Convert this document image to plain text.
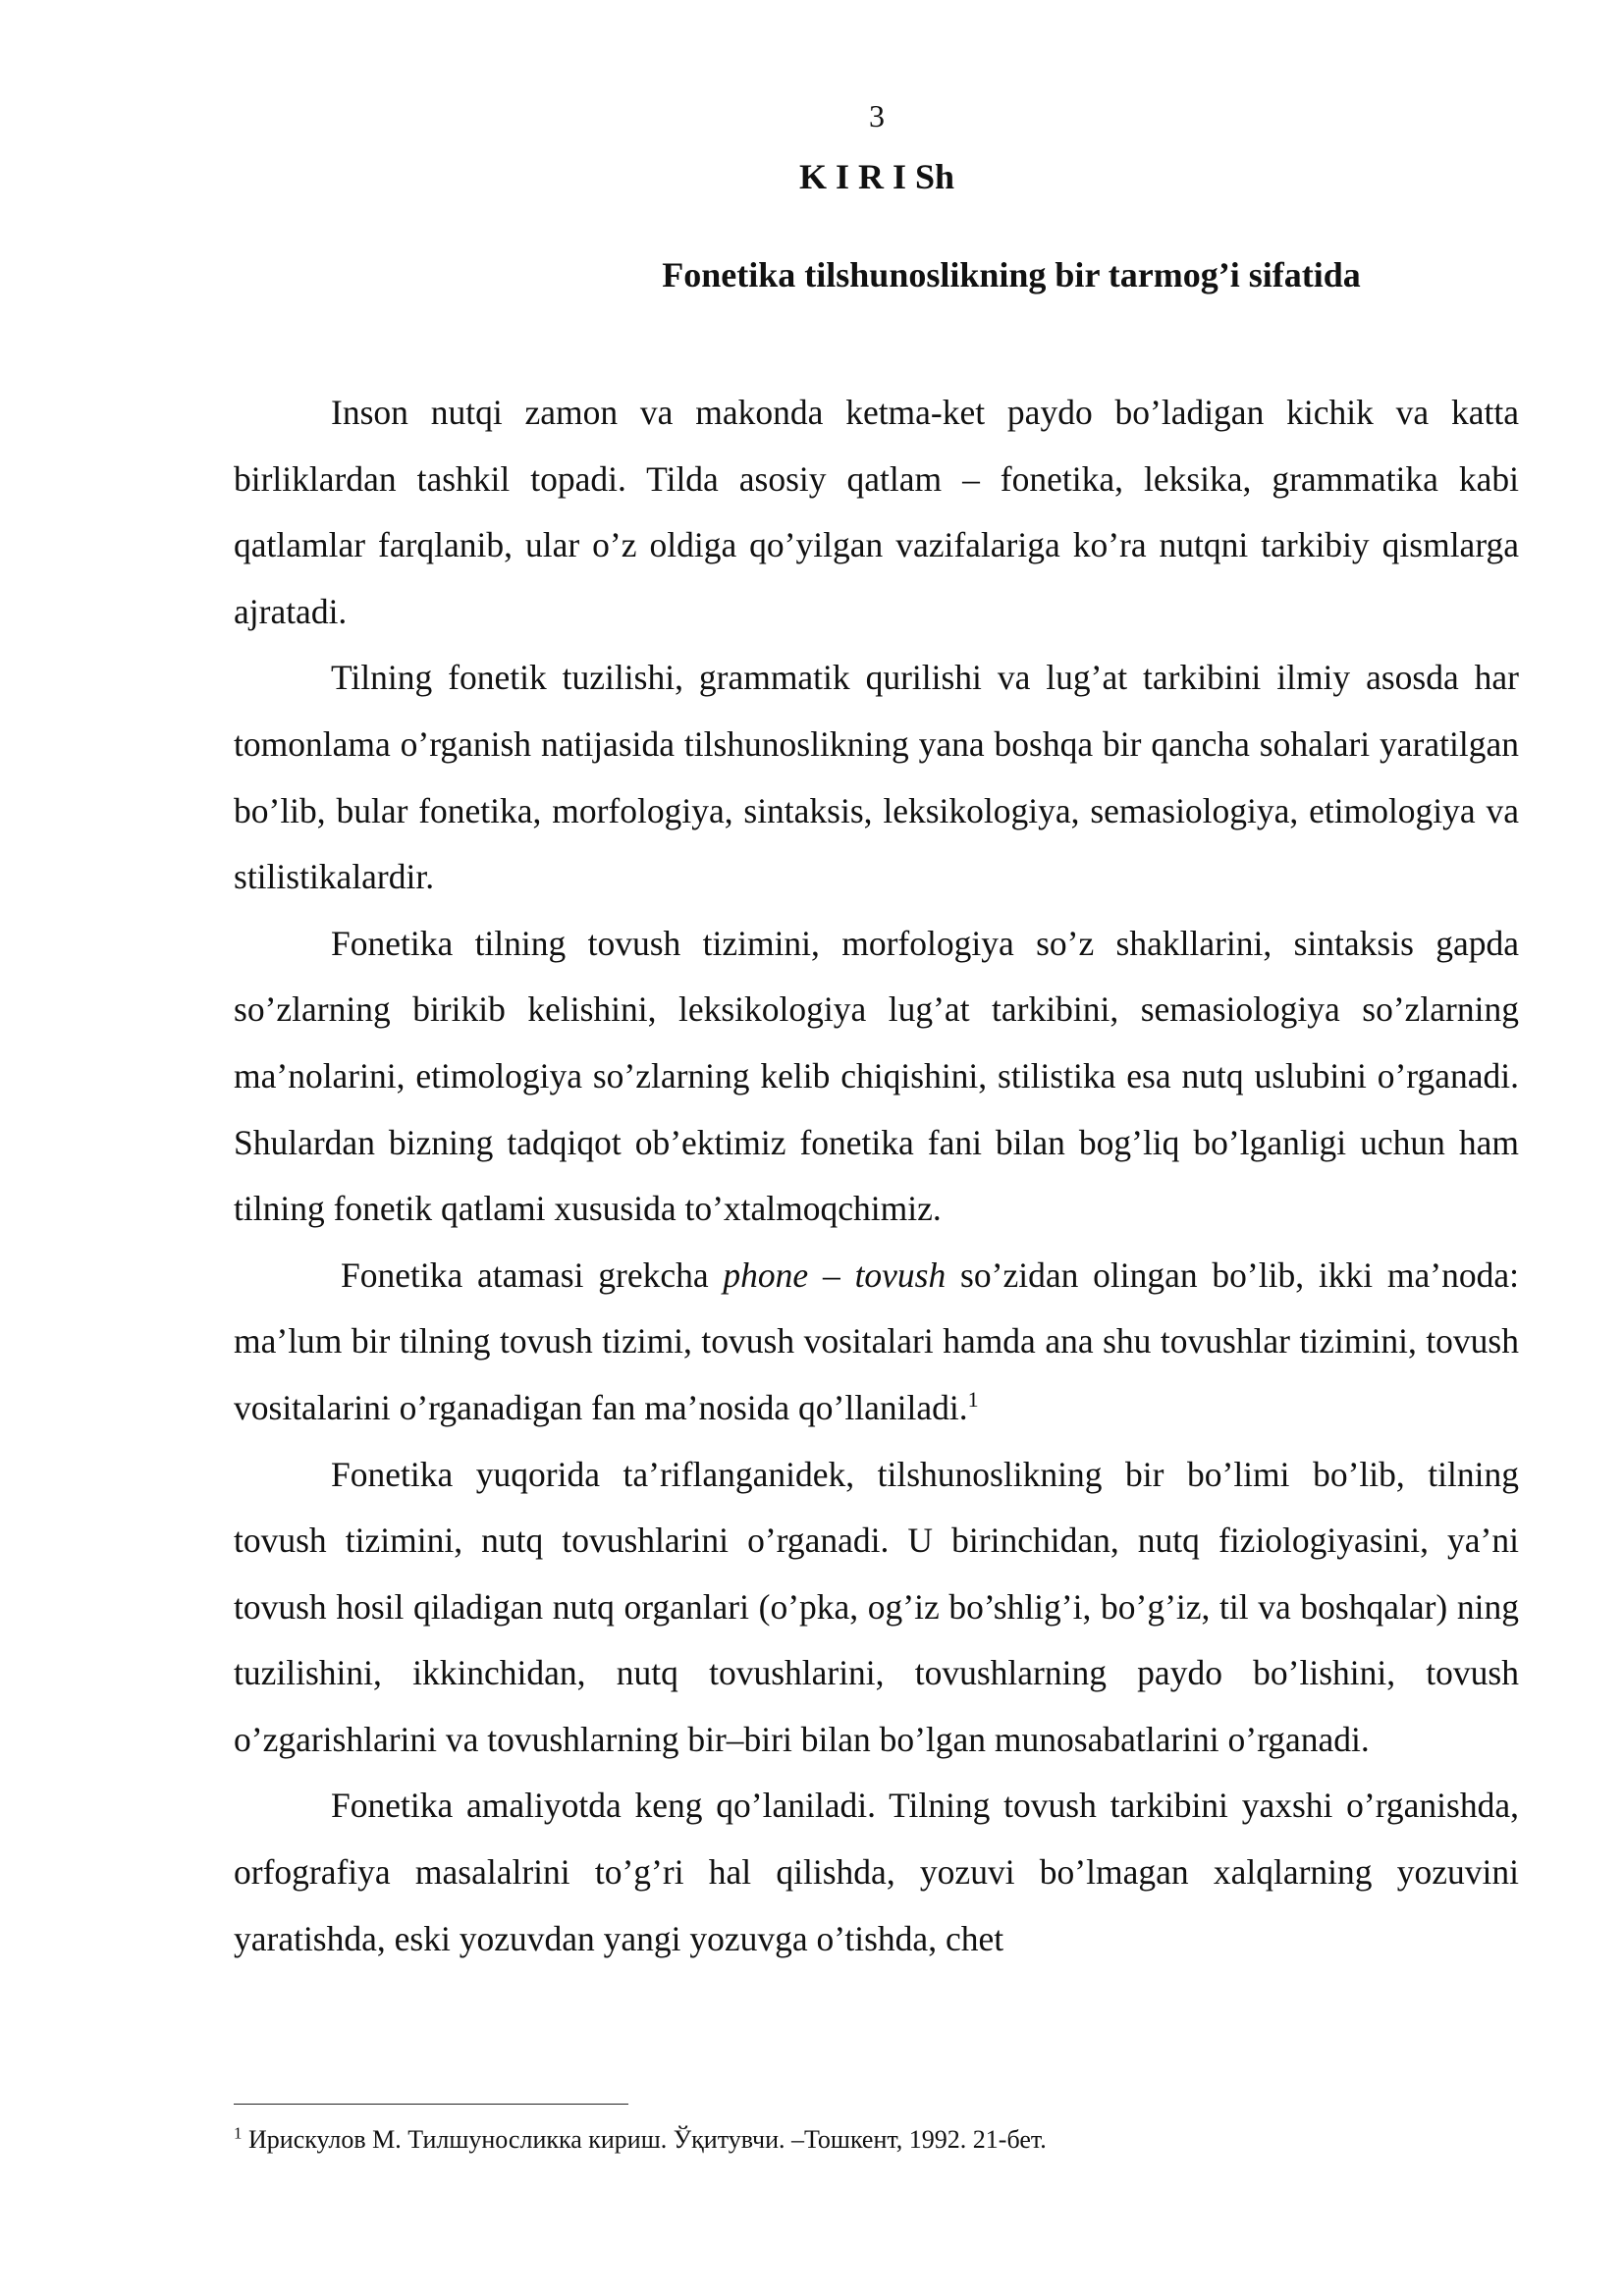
3
K I R I Sh
Fonetika tilshunoslikning bir tarmog’i sifatida

Inson nutqi zamon va makonda ketma-ket paydo bo’ladigan kichik va katta birliklardan tashkil topadi. Tilda asosiy qatlam – fonetika, leksika, grammatika kabi qatlamlar farqlanib, ular o’z oldiga qo’yilgan vazifalariga ko’ra nutqni tarkibiy qismlarga ajratadi.

Tilning fonetik tuzilishi, grammatik qurilishi va lug’at tarkibini ilmiy asosda har tomonlama o’rganish natijasida tilshunoslikning yana boshqa bir qancha sohalari yaratilgan bo’lib, bular fonetika, morfologiya, sintaksis, leksikologiya, semasiologiya, etimologiya va stilistikalardir.

Fonetika tilning tovush tizimini, morfologiya so’z shakllarini, sintaksis gapda so’zlarning birikib kelishini, leksikologiya lug’at tarkibini, semasiologiya so’zlarning ma’nolarini, etimologiya so’zlarning kelib chiqishini, stilistika esa nutq uslubini o’rganadi. Shulardan bizning tadqiqot ob’ektimiz fonetika fani bilan bog’liq bo’lganligi uchun ham tilning fonetik qatlami xususida to’xtalmoqchimiz.

Fonetika atamasi grekcha phone – tovush so’zidan olingan bo’lib, ikki ma’noda: ma’lum bir tilning tovush tizimi, tovush vositalari hamda ana shu tovushlar tizimini, tovush vositalarini o’rganadigan fan ma’nosida qo’llaniladi.$^1$

Fonetika yuqorida ta’riflanganidek, tilshunoslikning bir bo’limi bo’lib, tilning tovush tizimini, nutq tovushlarini o’rganadi. U birinchidan, nutq fiziologiyasini, ya’ni tovush hosil qiladigan nutq organlari (o’pka, og’iz bo’shlig’i, bo’g’iz, til va boshqalar) ning tuzilishini, ikkinchidan, nutq tovushlarini, tovushlarning paydo bo’lishini, tovush o’zgarishlarini va tovushlarning bir–biri bilan bo’lgan munosabatlarini o’rganadi.

Fonetika amaliyotda keng qo’laniladi. Tilning tovush tarkibini yaxshi o’rganishda, orfografiya masalalrini to’g’ri hal qilishda, yozuvi bo’lmagan xalqlarning yozuvini yaratishda, eski yozuvdan yangi yozuvga o’tishda, chet

$^1$ Ирискулов М. Тилшуносликка кириш. Ўқитувчи. –Тошкент, 1992. 21-бет.
